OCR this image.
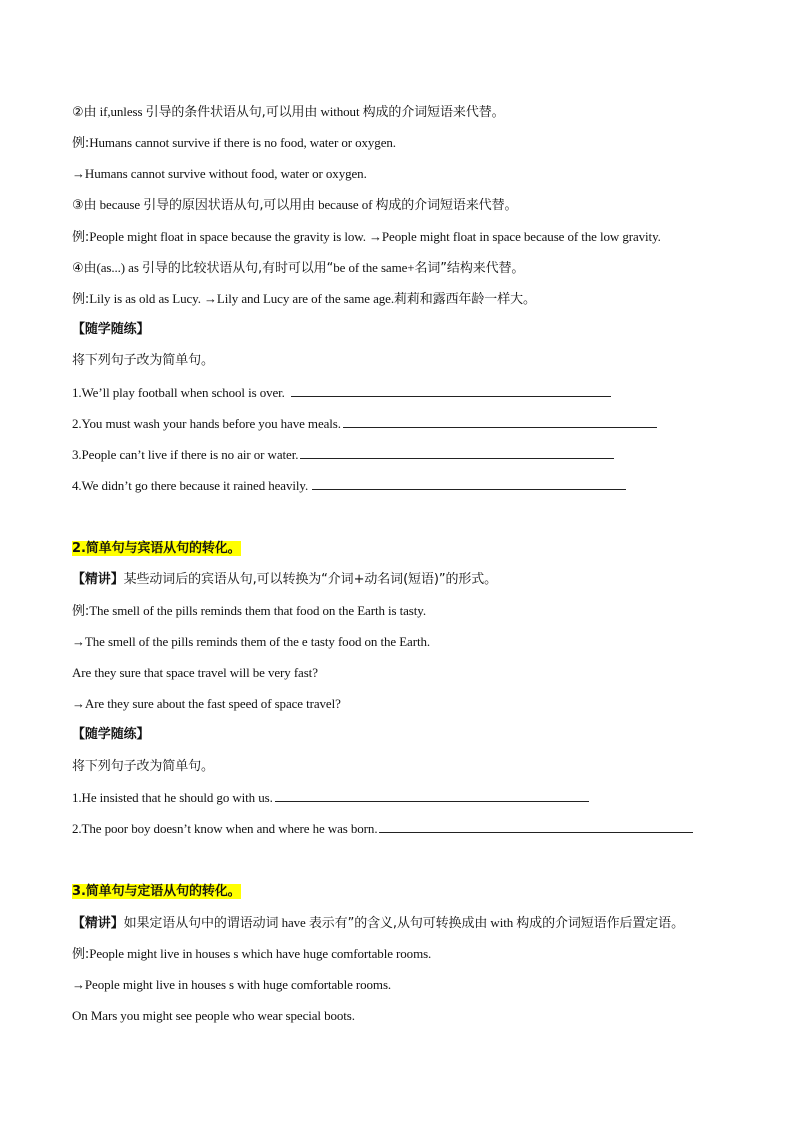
②由 if,unless 引导的条件状语从句,可以用由 without 构成的介词短语来代替。
例:Humans cannot survive if there is no food, water or oxygen.
→Humans cannot survive without food, water or oxygen.
③由 because 引导的原因状语从句,可以用由 because of 构成的介词短语来代替。
例:People might float in space because the gravity is low. →People might float in space because of the low gravity.
④由(as...) as 引导的比较状语从句,有时可以用“be of the same+名词”结构来代替。
例:Lily is as old as Lucy. →Lily and Lucy are of the same age.莉莉和露西年龄一样大。
【随学随练】
将下列句子改为简单句。
1.We’ll play football when school is over.
2.You must wash your hands before you have meals.
3.People can’t live if there is no air or water.
4.We didn’t go there because it rained heavily.
2.简单句与宾语从句的转化。
【精讲】某些动词后的宾语从句,可以转换为“介词+动名词(短语)”的形式。
例:The smell of the pills reminds them that food on the Earth is tasty.
→The smell of the pills reminds them of the e tasty food on the Earth.
Are they sure that space travel will be very fast?
→Are they sure about the fast speed of space travel?
【随学随练】
将下列句子改为简单句。
1.He insisted that he should go with us.
2.The poor boy doesn’t know when and where he was born.
3.简单句与定语从句的转化。
【精讲】如果定语从句中的谓语动词 have 表示有”的含义,从句可转换成由 with 构成的介词短语作后置定语。
例:People might live in houses s which have huge comfortable rooms.
→People might live in houses s with huge comfortable rooms.
On Mars you might see people who wear special boots.
